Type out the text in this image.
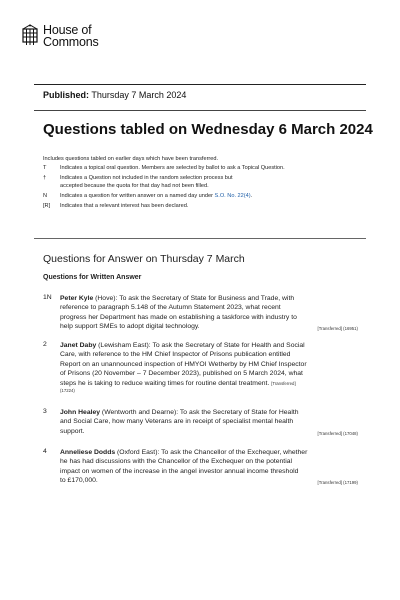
House of
Commons
Published: Thursday 7 March 2024
Questions tabled on Wednesday 6 March 2024
Includes questions tabled on earlier days which have been transferred.
T Indicates a topical oral question. Members are selected by ballot to ask a Topical Question.
† Indicates a Question not included in the random selection process but
accepted because the quota for that day had not been filled.
N Indicates a question for written answer on a named day under S.O. No. 22(4).
[R] Indicates that a relevant interest has been declared.
Questions for Answer on Thursday 7 March
Questions for Written Answer
1N Peter Kyle (Hove): To ask the Secretary of State for Business and Trade, with
reference to paragraph 5.148 of the Autumn Statement 2023, what recent
progress her Department has made on establishing a taskforce with industry to
help support SMEs to adopt digital technology.	[Transferred] (16951)
2 Janet Daby (Lewisham East): To ask the Secretary of State for Health and Social
Care, with reference to the HM Chief Inspector of Prisons publication entitled
Report on an unannounced inspection of HMYOI Wetherby by HM Chief Inspector
of Prisons (20 November – 7 December 2023), published on 5 March 2024, what
steps he is taking to reduce waiting times for routine dental treatment. [Transferred]
(17224)
3 John Healey (Wentworth and Dearne): To ask the Secretary of State for Health
and Social Care, how many Veterans are in receipt of specialist mental health
support.	[Transferred] (17048)
4 Anneliese Dodds (Oxford East): To ask the Chancellor of the Exchequer, whether
he has had discussions with the Chancellor of the Exchequer on the potential
impact on women of the increase in the angel investor annual income threshold
to £170,000.	[Transferred] (17199)
